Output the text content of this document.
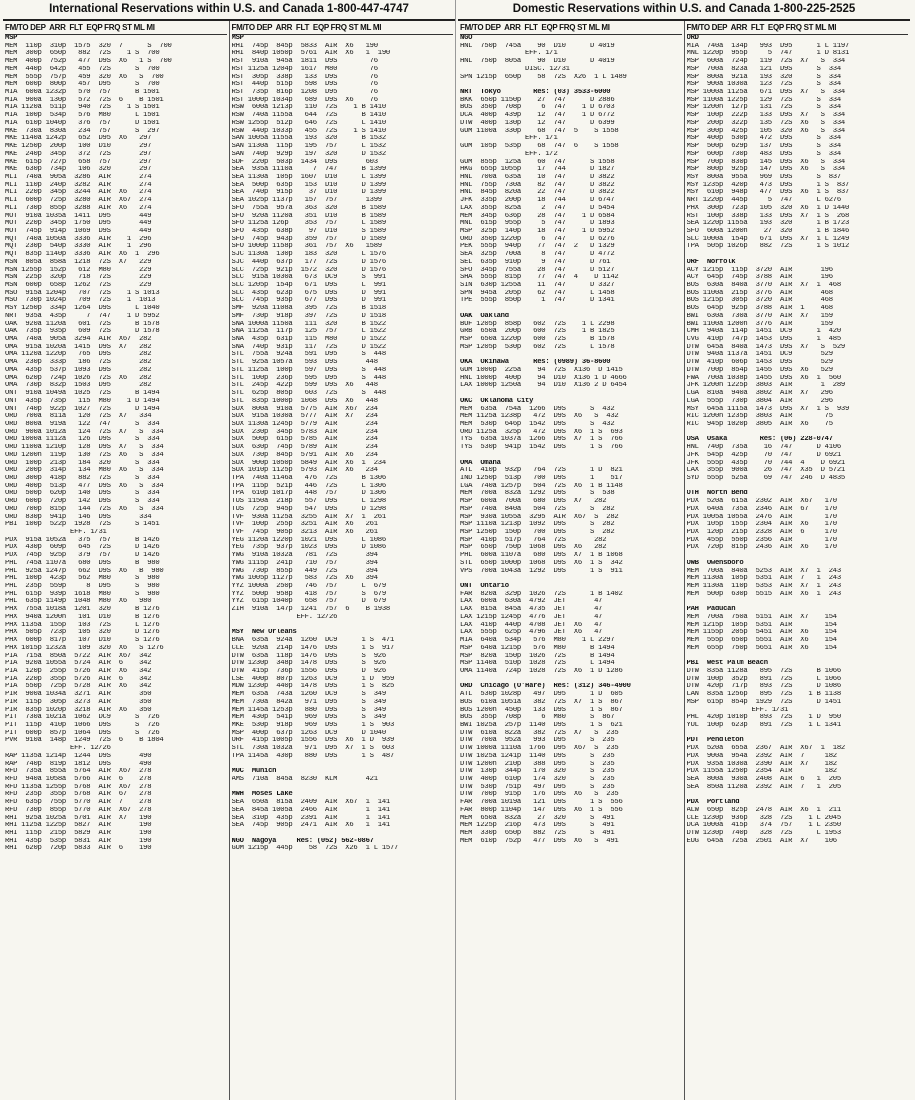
International Reservations within U.S. and Canada 1-800-447-4747
FM/TO DEP  ARR  FLT  EQP FRQ ST ML MI
MSP
MEM  110p  310p  1575  320  7      S  700
MEM  300p  650p   882  72S    1 S  700
MEM  400p  752p   477  D9S  X6   1 S  700
MEM  440p  642p   455  72S      S  700
MEM  555p  757p   459  320  X6   S  700
MEM  600p  800p   457  D95      S  700
MIA  600a 1232p   570  757      B 1501
MIA  900a  130p   572  72S  6    B 1501
MIA 1120a  511p   940  72S    1 S 1501
MIA  100p  534p   576  M80      L 1501
MIA  610p 1040p   376  757      D 1501
MKE  730a  830a   234  757      S  297
MKE 1140a 1242p   652  D95  X6   297
MKE 1250p  200p   100  D10       297
MKE  240p  345p   372  72S       297
MKE  615p  727p   658  757       297
MKE  630p  734p   106  320       297
MLI  740a  905a  3286  AIR       274
MLI  110p  240p  3282  AIR       274
MLI  220p  345p  3244  AIR  X6   274
MLI  600p  725p  3280  AIR  X67  274
MLI  730p  855p  3288  AIR  X6   274
MOT  910a 1035a  1411  D95       449
MOT  220p  345p  1750  D95       449
MOT  745p  914p  1069  D9S       449
MQT  740a 1050a  3336  AIR    1  296
MQT  230p  540p  3330  AIR    1  296
MQT  835p 1140p  3336  AIR  X6  1  296
MSN  805a  858a  1218  72S  X7   229
MSN 1255p  152p   612  M80       229
MSN  225p  320p   718  72S       229
MSN  600p  658p  1262  72S       229
MSO  915a 1204p   707  72S    1 S 1013
MSO  730p 1024p   709  72S    1  1013
MSY 1250p  334p  1264  D9S      L 1040
NRT  935a  435p     7  747    1 D 5952
OAK  920a 1120a   601  72S      B 1578
OAK  735p  935p   609  72S      D 1578
OMA  740a  905a  3294  AIR  X67  282
OMA  915a 1020a  1415  D9S  X7   282
OMA 1120a 1220p   765  D9S       282
OMA  230p  333p   186  72S       282
OMA  435p  537p  1093  D9S       282
OMA  620p  724p  1026  72S  X6   282
OMA  730p  832p  1503  D95       282
ONT  910a 1049a  1025  72S      B 1494
ONT  435p  735p   115  M80    1 D 1494
ONT  740p  922p  1027  72S      D 1494
ORD  700a  811a   120  72S  X7   334
ORD  800a  919a   122  747      S  334
ORD  900a 1012a   124  72S  X7   S  334
ORD 1000a 1112a   126  D9S      S  334
ORD 1100a 1210p   128  D9S  X7   S  334
ORD 1200n  119p   130  72S  X6   S  334
ORD  100p  213p   184  320      S  334
ORD  200p  314p   134  M80  X6   S  334
ORD  300p  418p   882  72S      S  334
ORD  400p  513p   477  D9S  X6   S  334
ORD  500p  620p   140  D9S      S  334
ORD  600p  720p   142  D9S      S  334
ORD  700p  815p   144  72S  X6   S  334
ORD  830p  941p   146  D9S       334
PBI  100p  522p  1928  72S      S 1451
EFF. 1/31
PDX  915a 1052a   375  757      B 1426
PDX  430p  609p   645  72S      D 1426
PDX  745p  925p   379  757      D 1426
PHL  745a 1107a   680  D9S      B  980
PHL  925a 1247p   662  D9S  X6   B  980
PHL  100p  423p   562  M80      S  980
PHL  235p  559p     8  D95      S  980
PHL  615p  939p  1618  M80      S  980
PHL  635p 1149p  1048  M80  X6   980
PHX  755a 1018a  1201  320      B 1276
PHX  940a 1200n   101  D10      B 1276
PHX 1135a  155p   103  72S      L 1276
PHX  505p  723p   105  320      D 1276
PHX  600p  817p   107  D10      S 1276
PHX 1015p 1232a   109  320  X6   S 1276
PIA  715a  850a  5722  AIR  X67  342
PIA  920a 1055a  5724  AIR  6    342
PIA  120p  255p  5726  AIR  X6   342
PIA  220p  355p  5726  AIR  6    342
PIA  550p  725p  5728  AIR  X6   342
PIR  900a 1034a  3271  AIR       350
PIR  115p  305p  3273  AIR       350
PIR  835p 1020p  3218  AIR  X6   350
PIT  730a 1021a  1062  DC9      S  726
PIT  115p  410p  1066  D9S      S  726
PIT  600p  857p  1064  D9S      S  726
PVR  910a  148p  1249  72S  6    B 1804
EFF. 12/26
RAP 1135a 1214p  1244  D9S       490
RAP  740p  819p  1812  D9S       490
RFD  735a  855a  5764  AIR  X67  278
RFD  940a 1058a  5766  AIR  6    278
RFD 1135a 1255p  5768  AIR  X67  278
RFD  235p  355p  5768  AIR  67   278
RFD  635p  755p  5770  AIR  7    278
RFD  730p  855p  5770  AIR  X67  278
RHI  925a 1025a  5701  AIR  X7   190
RHI 1125a 1225p  5827  AIR       190
RHI  115p  215p  5829  AIR       190
RHI  435p  535p  5831  AIR       190
RHI  620p  720p  5833  AIR  6    190
FM/TO DEP  ARR  FLT  EQP FRQ ST ML MI
MSP
RHI  745p  845p  5833  AIR  X6   190
RHI  840p 1050p  5761  AIR  X6   1  190
RST  910a  945a  1811  D9S        76
RST 1125a 1204p  1617  M80        76
RST  305p  338p   133  D9S        76
RST  440p  515p   598  D9S        76
RST  735p  816p  1208  D95        76
RST 1000p 1034p   689  D9S  X6    76
RSW  600a 1213p   110  72S    1 B 1410
RSW  740a 1155a   644  72S      B 1410
RSW 1255p  512p   646  72S      L 1410
RSW  440p 1033p   455  72S    1 S 1410
SAN 1005a 1155a   193  320      B 1532
SAN 1130a  115p   195  757      L 1532
SAN  740p  929p   197  320      D 1532
SDF  220p  503p  1434  D9S       603
SEA  935a 1110a     7  747      B 1399
SEA 1130a  105p  1607  D10      L 1399
SEA  500p  635p   153  D10      D 1399
SEA  740p  915p    37  D10      D 1399
SEA 1025p 1137p   157  757       1399
SFO  755a  957a   363  320      B 1589
SFO  920a 1120a   351  D10      B 1589
SFO 1125a 126p    353  757      L 1589
SFO  435p  638p    97  D10      S 1589
SFO  745p  943p   359  757      D 1589
SFO 1000p 1158p   361  757  X6   1589
SJC 1130a  130p   183  320      L 1576
SJC  440p  637p   177  72S      D 1576
SLC  725p  921p  1572  320      D 1576
SLC  915a 1030a   673  DC9      S  991
SLC 1205p  154p   671  D9S      L  991
SLC  435p  623p   675  D9S      D  991
SLC  745p  935p   677  D9S      D  991
SMF  920a 1108a   395  72S      B 1518
SMF  730p  918p   397  72S      D 1518
SNA 1000a 1150a   111  320      B 1522
SNA 1125a  117p   125  757      L 1522
SNA  435p  631p   115  M80      D 1522
SNA  740p  931p   117  72S      D 1522
STL  755a  924a   591  D95      S  448
STL  925a 1057a   593  D9S       448
STL 1125a  100p   597  D9S      S  448
STL  100p  236p   595  D95      S  448
STL  245p  422p   599  D9S  X6   448
STL  625p  805p   603  72S      S  448
STL  835p 1000p  1068  D9S  X6   448
SUX  800a  910a  5775  AIR  X67  234
SUX  915a 1030a  5777  AIR  X7   234
SUX 1130a 1245p  5779  AIR       234
SUX  230p  345p  5783  AIR       234
SUX  500p  615p  5785  AIR       234
SUX  630p  745p  5789  AIR       234
SUX  730p  845p  5791  AIR  X6   234
SUX  900p 1050p  5849  AIR  X6  1  234
SUX 1010p 1125p  5793  AIR  X6   234
TPA  740a 1146a   476  72S      B 1306
TPA  115p  521p   446  72S      L 1306
TPA  610p 1017p   448  757      D 1306
TUS 1150a  218p   557  D9S      L 1298
TUS  725p  945p   547  D9S      D 1298
TVF  930a 1125a  3255  AIR  X7  1  261
TVF  100p  255p  3251  AIR  X6   261
TVF  745p  905p  3213  AIR  X6   261
YEG 1120a 1220p  1021  D9S      L 1086
YEG  735p  937p  1023  D9S      D 1086
YWG  910a 1032a   781  72S       394
YWG 1115p  241p   710  757       394
YWG  730p  855p   449  72S       394
YWG 1005p 1127p   583  72S  X6   394
YYZ 1000a  250p   746  757      L  679
YYZ  500p  958p   418  757      S  679
YYZ  615p 1040p   658  757      D  679
ZIH  910a  147p  1241  757  6    B 1938
EFF. 12/26
MSY  New Orleans
BNA  635a  924a  1260  DC9      1 S  471
CLE  920a  214p  1476  D9S      1 S  917
DTW  635a  118p  1476  D9S      S  926
DTW 1230p  348p  1478  D9S      S  926
DTW  415p  736p  1556  D9S      D  926
LSE  400p  807p  1263  DC9      1 D  959
MDW 1230p  440p  1478  D9S      1 S  825
MEM  635a  743a  1260  DC9      S  349
MEM  730a  842a   971  D95      S  349
MEM 1145a 1253p   880  D9S      S  349
MEM  430p  541p   969  D9S      S  349
MKE  530p  918p   969  D9S      1 S  903
MSP  400p  637p  1263  DC9      D 1040
ORF  415p 1005p  1556  D9S  X6  1 D  939
STL  730a 1032a   971  D95  X7  1 S  603
TPA 1145a  430p   880  D9S      1 S  487
MUC  Munich
AMS  710a  845a  8230  KLM       421
MWH  Moses Lake
SEA  650a  815a  2409  AIR  X67  1  141
SEA  845a 1005a  2466  AIR       1  141
SEA  310p  435p  2391  AIR       1  141
SEA  745p  905p  2471  AIR  X6   1  141
NGO  Nagoya     Res: (052) 562-0867
GUM 1215p  445p    58  72S  X26  1 L 1577
Domestic Reservations within U.S. and Canada 1-800-225-2525
FM/TO DEP  ARR  FLT  EQP FRQ ST ML MI
NGO
HNL  750p  745a    90  D10      D 4019
EFF. 1/1
HNL  750p  805a    90  D10      D 4019
DISC. 12/31
SPN 1215p  650p    58  72S  X26  1 L 1489
NRT  Tokyo        Res: (03) 3533-6000
BKK  650p 1150p    27  747      D 2886
BOS  350p  708p     6  747    1 D 6703
DCA  400p  439p    12  747    1 D 6772
DTW  400p  130p    12  747      D 6399
GUM 1100a  330p    68  747  5    S 1558
EFF. 1/1
GUM  105p  535p    68  747  6    S 1558
EFF. 1/2
GUM  855p  125a    60  747      S 1558
HKG  655p 1055p    17  744      D 1827
HNL  700a  635a    10  747      D 3822
HNL  755p  730a    82  747      D 3822
HNL  845p  820a    22  747      D 3822
JFK  335p  200p    18  744      D 6747
LAX  355p  825a     2  747      D 5454
MEM  345p  636p    28  747    1 D 6584
MNL  615p  955p     5  747      D 1893
MSP  325p  140p    18  747    1 D 5952
ORD  350p 1220p     6  747      D 6276
PEK  555p  940p    77  747  2   D 1329
SEA  325p  700a     8  747      D 4772
SEL  635p  910p     9  747      D 761
SFO  345p  755a    28  747      D 5127
SHA  555p  815p    77  747  4    D 1142
SIN  630p 1255a    11  747      D 3327
SPN  945a  205p    62  747      L 1458
TPE  555p  850p     1  747      D 1341
OAK  Oakland
BUF 1205p  858p   602  72S    1 L 2298
GRB  650a  200p   600  72S    1 B 1825
MSP  650a 1220p   600  72S      B 1578
MSP 1205p  530p   602  72S      L 1578
OKA  Okinawa      Res: (0989) 36-8600
GUM 1000p  225a    94  72S  X136  D 1415
HNL 1000p  400p    94  D10  X136 1 D 4666
LAX 1000p 1250a    94  D10  X136 2 D 6454
OKC  Oklahoma City
MEM  635a  754a  1266  D9S      S  432
MEM 1125a 1238p   472  D9S  X6   S  432
MEM  530p  646p  1542  D9S      S  432
ORD 1125a  325p   472  D9S  X6  1 S  693
TYS  635a 1037a  1266  D9S  X7  1 S  766
TYS  530p  941p  1542  D9S      1 S  766
OMA  Omaha
ATL  410p  932p   764  72S      1 D  821
IND 1250p  513p   700  D9S      1    517
LGA  740a 1257p   504  72S  X6  1 B 1148
MEM  700a  832a  1292  D9S      S  538
MSP  600a  700a   680  D9S  X7   282
MSP  740a  840a   504  72S      S  282
MSP  930a 1055a  3295  AIR  X67  S  282
MSP 1110a 1213p  1092  D9S      S  282
MSP 1250p  150p   700  D9S      S  282
MSP  410p  517p   764  72S       282
MSP  650p  750p  1068  D9S  X6   282
PHL  600a 1107a   680  D9S  X7  1 B 1068
STL  650p 1000p  1068  D9S  X6  1 S  342
VPS  700a 1043a  1292  D9S      1 S  911
ONT  Ontario
FAR  820a  329p  1026  72S      1 B 1402
LAX  600a  630a  4792  JET       47
LAX  815a  845a  4735  JET       47
LAX 1215p 1245p  4776  JET       47
LAX  410p  440p  4708  JET  X6   47
LAX  555p  625p  4796  JET  X6   47
MIA  640a  534p   576  M80    1 L 2297
MSP  640a 1215p   576  M80      B 1494
MSP  820a  150p  1026  72S      B 1494
MSP 1140a  510p  1028  72S      L 1494
OMA 1140a  724p  1028  72S  X6  1 D 1286
ORD  Chicago (O'Hare)  Res: (312) 346-4900
ATL  530p 1028p   497  D95      1 D  605
BOS  610a 1051a   382  72S  X7  1 S  867
BOS 1200n  450p   133  D9S      1 S  867
BOS  355p  708p     6  M80      S  867
BWI 1025a  257p  1140  D9S      1 S  621
DTW  610a  822a   382  72S  X7   S  235
DTW  700a  952a   993  D95      S  235
DTW 1000a 1110a  1766  D95  X67  S  235
DTW 1025a 1241p  1140  D9S      S  235
DTW 1200n  210p   388  D95      S  235
DTW  130p  344p   170  320      S  235
DTW  400p  610p   174  320      S  235
DTW  530p  751p   497  D95      S  235
DTW  700p  915p   176  D9S  X6   S  235
FAR  700a 1019a   121  D9S      1 S  556
FAR  800p 1104p   147  D9S  X6  1 S  556
MEM  650a  832a    27  320      S  491
MEM 1225p  216p   473  D9S      S  491
MEM  330p  650p   882  72S      S  491
MEM  610p  752p   477  D9S  X6   S  491
FM/TO DEP  ARR  FLT  EQP FRQ ST ML MI
ORD
MIA  740a  134p   993  D95      1 L 1197
MNL 1220p  955p     5  747      1 D 8131
MSP  600a  724p   119  72S  X7   S  334
MSP  700a  823a   121  D9S      S  334
MSP  800a  921a   193  320      S  334
MSP  900a 1030a   123  72S      S  334
MSP 1000a 1125a   671  D9S  X7   S  334
MSP 1100a 1225p   129  72S      S  334
MSP 1200n  127p   131  72S      S  334
MSP  100p  222p   133  D9S  X7   S  334
MSP  200p  322p   135  72S  X6   S  334
MSP  300p  425p   105  320  X6   S  334
MSP  400p  530p   472  D9S      S  334
MSP  500p  629p   137  D9S      S  334
MSP  600p  730p   483  D9S      S  334
MSP  700p  830p   145  D9S  X6   S  334
MSP  800p  925p   147  D9S  X6   S  334
MSY  800a  955a   969  D9S      S  837
MSY 1235p  420p   473  D9S      1 S  837
MSY  610p  948p   477  D9S  X6  1 S  837
NRT 1220p  445p     5  747      L 6276
PHX  300p  723p   105  320  X6  1 D 1440
RST  100p  338p   133  D9S  X7  1 S  268
SEA 1220p 1155a   193  320      1 B 1723
SFO  600a 1200n    27  320      1 B 1846
SLC 1000a  154p   671  D9S  X7  1 L 1249
TPA  505p 1026p   882  72S      1 S 1012
ORF  Norfolk
ACY 1215p  115p  3720  AIR       196
ACY  645p  745p  3788  AIR       196
BOS  630a  840a  3770  AIR  X7  1  468
BOS 1100a  215p  3776  AIR       468
BOS 1215p  305p  3720  AIR       468
BOS  645p  925p  3788  AIR  1    468
BWI  630a  730a  3770  AIR  X7   159
BWI 1100a 1200n  3776  AIR       159
CMH  940a  114p  1451  DC9      1  420
CVG  410p  747p  1453  D9S      1  485
DTW  645a  840a  1473  D9S  X7   S  529
DTW  940a 1137a  1451  DC9       529
DTW  410p  606p  1453  D9S       529
DTW  700p  854p  1455  D9S  X6   529
FWA  700a 1038p  1455  D9S  X6  1  560
JFK 1200n 1225p  3803  AIR       1  289
LGA  810a  940a  3802  AIR  X7   296
LGA  555p  730p  3804  AIR       296
MSY  645a 1115a  1473  D9S  X7  1 S  939
RIC 1200n 1235p  3803  AIR        75
RIC  945p 1020p  3805  AIR  X6    75
OSA  Osaka        Res: (06) 228-0747
HNL  740p  735a    16  747      D 4106
JFK  545p  425p    70  747      D 6921
JFK  555p  435p    70  744  4    D 6921
LAX  355p  900a    26  747  X35  D 5721
SYD  555p  525a    69  747  246  D 4835
OTH  North Bend
PDX  520a  615a  2302  AIR  X67   170
PDX  640a  735a  2346  AIR  67    170
PDX 1005a 1055a  2476  AIR        170
PDX  105p  155p  2304  AIR  X6    170
PDX  120p  215p  2328  AIR  6     170
PDX  455p  550p  2356  AIR        170
PDX  720p  815p  2436  AIR  X6    170
OWB  Owensboro
MEM  700a  840a  5253  AIR  X7  1  243
MEM 1130a  105p  5351  AIR  7   1  243
MEM 1130a  110p  5353  AIR  X7  1  243
MEM  500p  630p  5515  AIR  X6  1  243
PAH  Paducah
MEM  700a  750a  5151  AIR  X7    154
MEM 1215p  105p  5351  AIR        154
MEM 1155p  205p  5451  AIR  X6    154
MEM  555p  650p  5551  AIR  X6    154
MEM  655p  750p  5651  AIR  X6    154
PBI  West Palm Beach
DTW  835a 1128a   895  72S      B 1066
DTW  100p  352p   891  72S      L 1066
DTW  420p  717p   893  72S      D 1086
LAN  835a 1256p   895  72S    1 B 1138
MSP  615p  854p  1929  72S      D 1451
EFF. 1/31
PHL  420p 1010p   893  72S    1 D  950
YUL  100p  623p   891  72S    1 L 1341
PDT  Pendleton
PDX  520a  655a  2367  AIR  X67  1  182
PDX  900a  954a  2392  AIR  7     182
PDX  935a 1030a  2390  AIR  X7    182
PDX 1155a 1250p  2354  AIR        182
SEA  800a  930a  2408  AIR  6   1  205
SEA  850a 1120a  2392  AIR  7   1  205
PDX  Portland
ALW  650p  825p  2478  AIR  X6  1  211
CLE 1230p  936p   328  72S    1 L 2045
DCA 1000a  415p   374  757    1 L 2350
DTW 1230p  740p   328  72S      L 1953
EUG  645a  725a  2501  AIR  X7    106
